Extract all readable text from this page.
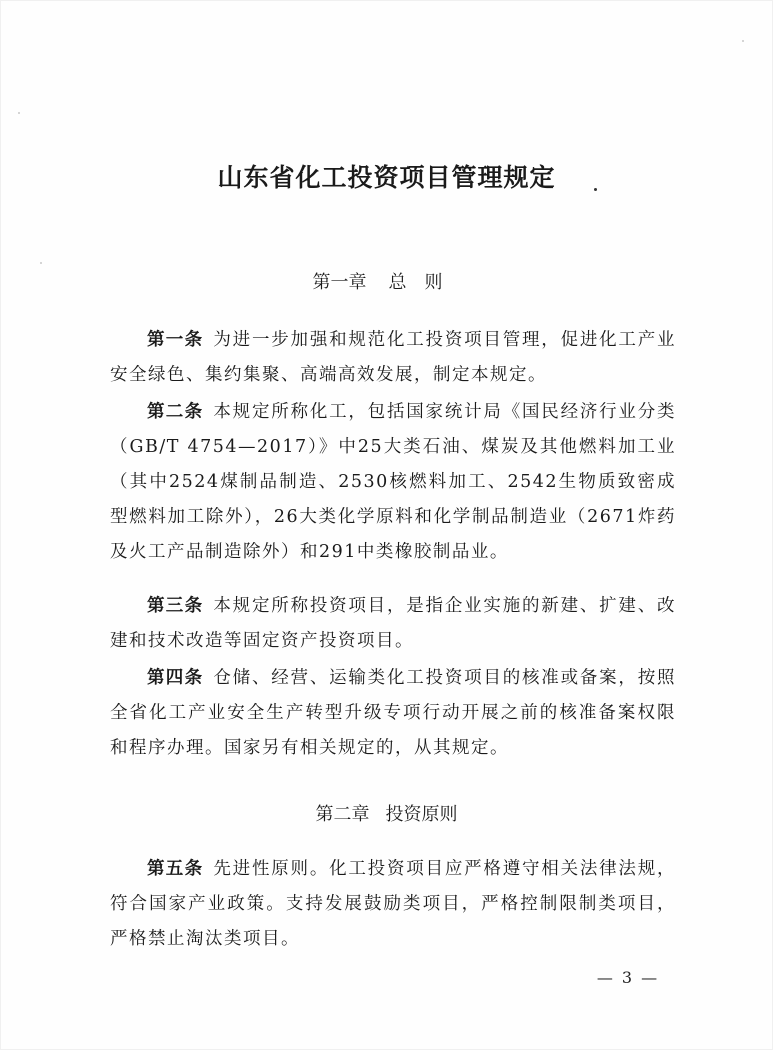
山东省化工投资项目管理规定
第一章 总则

第一条 为进一步加强和规范化工投资项目管理，促进化工产业安全绿色、集约集聚、高端高效发展，制定本规定。

第二条 本规定所称化工，包括国家统计局《国民经济行业分类（GB/T 4754—2017）》中25大类石油、煤炭及其他燃料加工业（其中2524煤制品制造、2530核燃料加工、2542生物质致密成型燃料加工除外），26大类化学原料和化学制品制造业（2671炸药及火工产品制造除外）和291中类橡胶制品业。

第三条 本规定所称投资项目，是指企业实施的新建、扩建、改建和技术改造等固定资产投资项目。

第四条 仓储、经营、运输类化工投资项目的核准或备案，按照全省化工产业安全生产转型升级专项行动开展之前的核准备案权限和程序办理。国家另有相关规定的，从其规定。

第二章 投资原则

第五条 先进性原则。化工投资项目应严格遵守相关法律法规，符合国家产业政策。支持发展鼓励类项目，严格控制限制类项目，严格禁止淘汰类项目。

— 3 —
